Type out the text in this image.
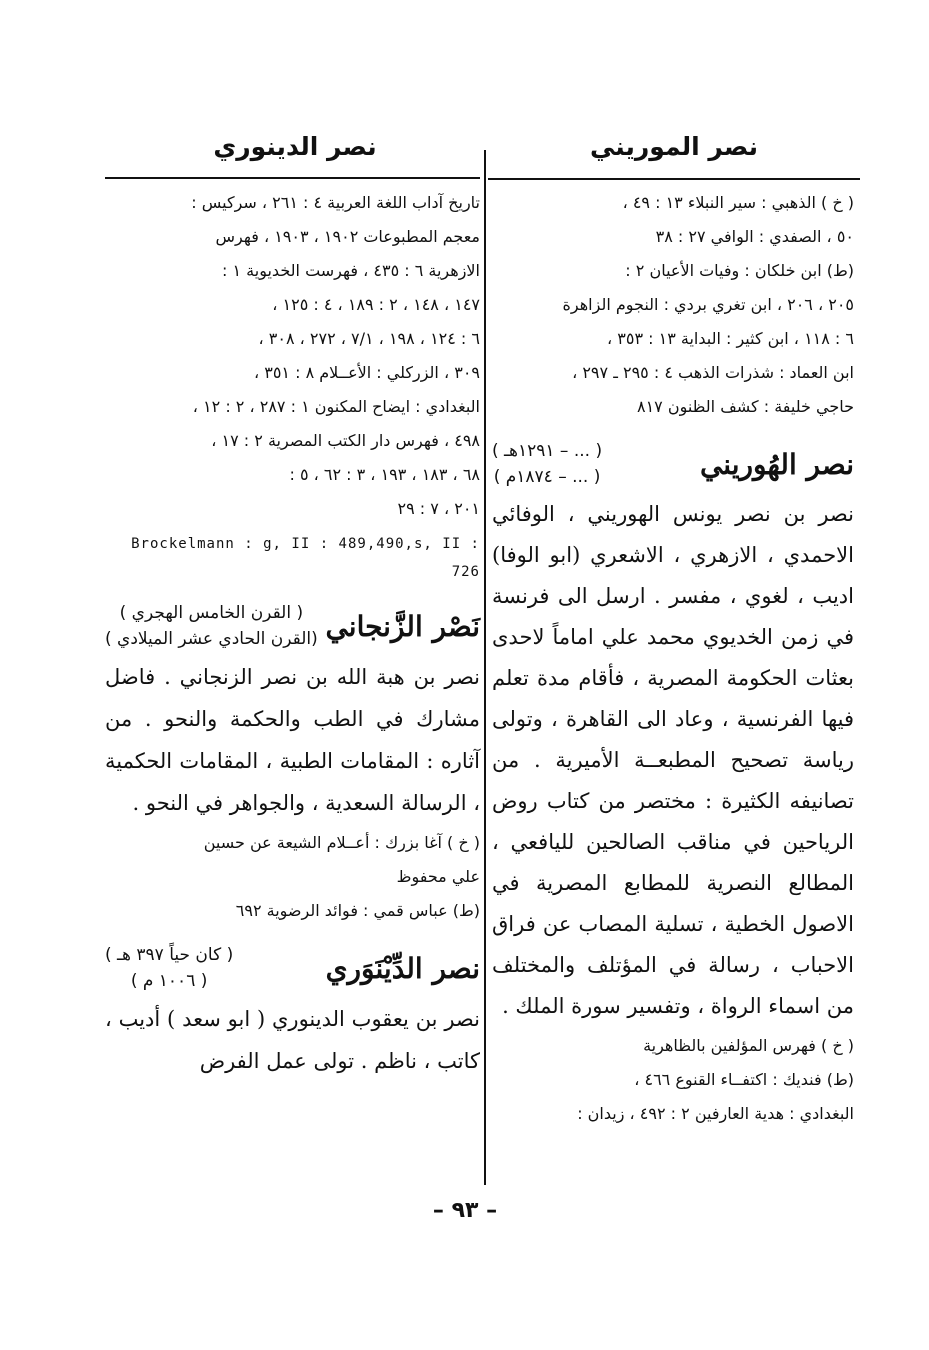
نصر الموريني
نصر الدينوري

( خ ) الذهبي : سير النبلاء ١٣ : ٤٩ ،

٥٠ ، الصفدي : الوافي ٢٧ : ٣٨

(ط) ابن خلكان : وفيات الأعيان ٢ :

٢٠٥ ، ٢٠٦ ، ابن تغري بردي : النجوم الزاهرة

٦ : ١١٨ ، ابن كثير : البداية ١٣ : ٣٥٣ ،

ابن العماد : شذرات الذهب ٤ : ٢٩٥ ـ ٢٩٧ ،

حاجي خليفة : كشف الظنون ٨١٧

نصر الهُوريني
( ... – ١٢٩١هـ )
( ... – ١٨٧٤م )

نصر بن نصر يونس الهوريني ، الوفائي الاحمدي ، الازهري ، الاشعري (ابو الوفا) اديب ، لغوي ، مفسر . ارسل الى فرنسة في زمن الخديوي محمد علي اماماً لاحدى بعثات الحكومة المصرية ، فأقام مدة تعلم فيها الفرنسية ، وعاد الى القاهرة ، وتولى رياسة تصحيح المطبعــة الأميرية . من تصانيفه الكثيرة : مختصر من كتاب روض الرياحين في مناقب الصالحين لليافعي ، المطالع النصرية للمطابع المصرية في الاصول الخطية ، تسلية المصاب عن فراق الاحباب ، رسالة في المؤتلف والمختلف من اسماء الرواة ، وتفسير سورة الملك .

( خ ) فهرس المؤلفين بالظاهرية

(ط) فنديك : اكتفــاء القنوع ٤٦٦ ،

البغدادي : هدية العارفين ٢ : ٤٩٢ ، زيدان :

تاريخ آداب اللغة العربية ٤ : ٢٦١ ، سركيس :

معجم المطبوعات ١٩٠٢ ، ١٩٠٣ ، فهرس

الازهرية ٦ : ٤٣٥ ، فهرست الخديوية ١ :

١٤٧ ، ١٤٨ ، ٢ : ١٨٩ ، ٤ : ١٢٥ ،

٦ : ١٢٤ ، ١٩٨ ، ٧/١ ، ٢٧٢ ، ٣٠٨ ،

٣٠٩ ، الزركلي : الأعــلام ٨ : ٣٥١ ،

البغدادي : ايضاح المكنون ١ : ٢٨٧ ، ٢ : ١٢ ،

٤٩٨ ، فهرس دار الكتب المصرية ٢ : ١٧ ،

٦٨ ، ١٨٣ ، ١٩٣ ، ٣ : ٦٢ ، ٥ :

٢٠١ ، ٧ : ٢٩

Brockelmann : g, II : 489,490,s, II : 726
نَصْر الزَّنجاني
( القرن الخامس الهجري )
(القرن الحادي عشر الميلادي )

نصر بن هبة الله بن نصر الزنجاني . فاضل مشارك في الطب والحكمة والنحو . من آثاره : المقامات الطبية ، المقامات الحكمية ، الرسالة السعدية ، والجواهر في النحو .

( خ ) آغا بزرك : أعــلام الشيعة عن حسين

علي محفوظ

(ط) عباس قمي : فوائد الرضوية ٦٩٢

نصر الدِّيْنَوَري
( كان حياً ٣٩٧ هـ )
( ١٠٠٦ م )

نصر بن يعقوب الدينوري ( ابو سعد ) أديب ، كاتب ، ناظم . تولى عمل الفرض

– ٩٣ –
